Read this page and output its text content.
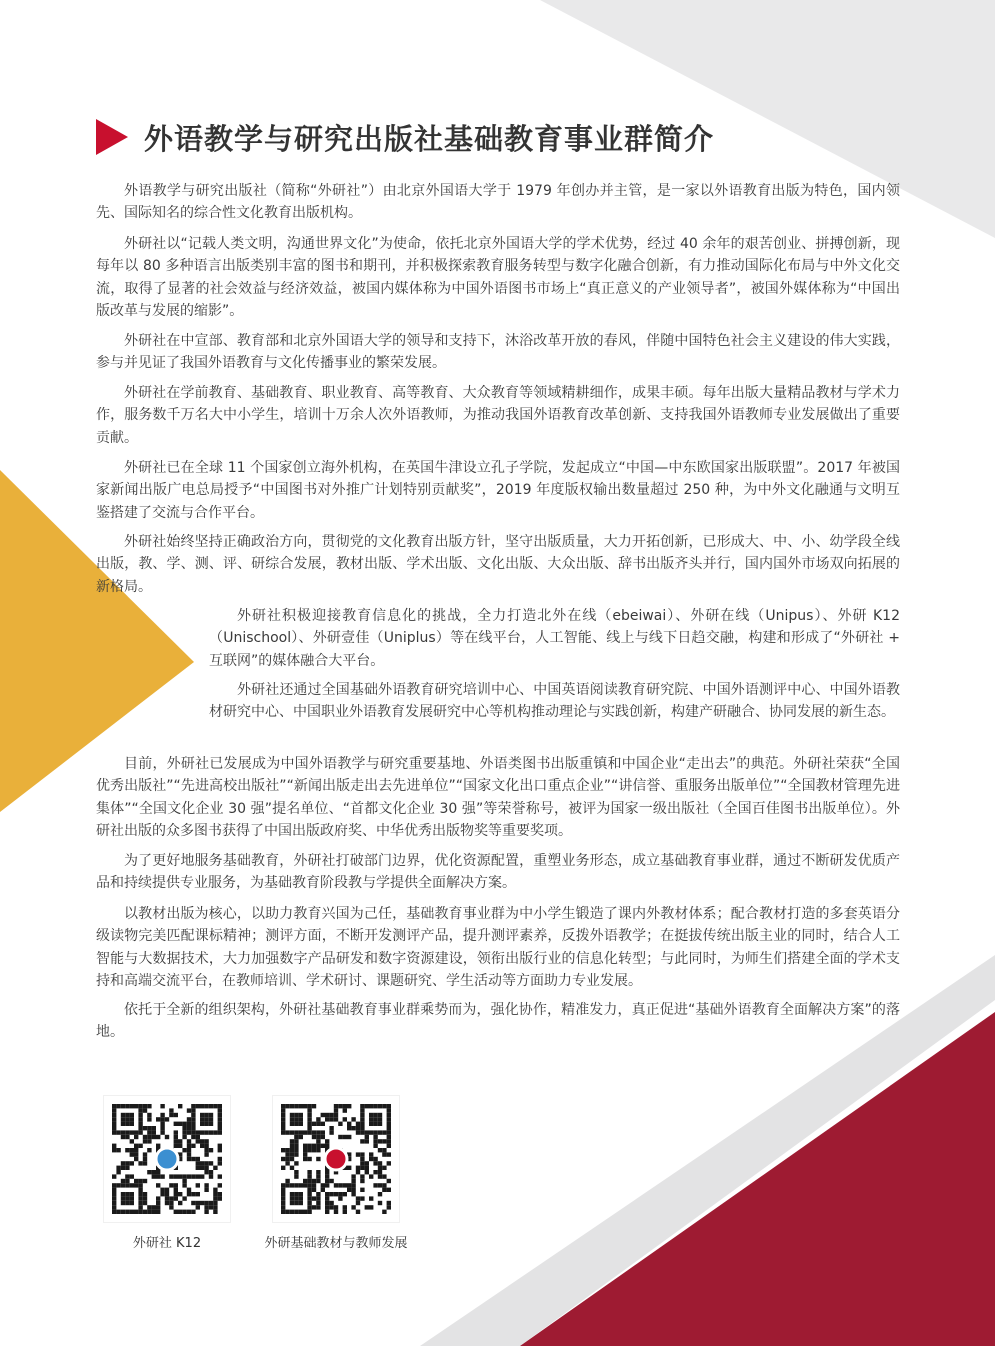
外语教学与研究出版社基础教育事业群简介

外语教学与研究出版社（简称“外研社”）由北京外国语大学于 1979 年创办并主管，是一家以外语教育出版为特色，国内领先、国际知名的综合性文化教育出版机构。

外研社以“记载人类文明，沟通世界文化”为使命，依托北京外国语大学的学术优势，经过 40 余年的艰苦创业、拼搏创新，现每年以 80 多种语言出版类别丰富的图书和期刊，并积极探索教育服务转型与数字化融合创新，有力推动国际化布局与中外文化交流，取得了显著的社会效益与经济效益，被国内媒体称为中国外语图书市场上“真正意义的产业领导者”，被国外媒体称为“中国出版改革与发展的缩影”。

外研社在中宣部、教育部和北京外国语大学的领导和支持下，沐浴改革开放的春风，伴随中国特色社会主义建设的伟大实践，参与并见证了我国外语教育与文化传播事业的繁荣发展。

外研社在学前教育、基础教育、职业教育、高等教育、大众教育等领域精耕细作，成果丰硕。每年出版大量精品教材与学术力作，服务数千万名大中小学生，培训十万余人次外语教师，为推动我国外语教育改革创新、支持我国外语教师专业发展做出了重要贡献。

外研社已在全球 11 个国家创立海外机构，在英国牛津设立孔子学院，发起成立“中国—中东欧国家出版联盟”。2017 年被国家新闻出版广电总局授予“中国图书对外推广计划特别贡献奖”，2019 年度版权输出数量超过 250 种，为中外文化融通与文明互鉴搭建了交流与合作平台。

外研社始终坚持正确政治方向，贯彻党的文化教育出版方针，坚守出版质量，大力开拓创新，已形成大、中、小、幼学段全线出版，教、学、测、评、研综合发展，教材出版、学术出版、文化出版、大众出版、辞书出版齐头并行，国内国外市场双向拓展的新格局。

外研社积极迎接教育信息化的挑战，全力打造北外在线（ebeiwai）、外研在线（Unipus）、外研 K12（Unischool）、外研壹佳（Uniplus）等在线平台，人工智能、线上与线下日趋交融，构建和形成了“外研社 + 互联网”的媒体融合大平台。

外研社还通过全国基础外语教育研究培训中心、中国英语阅读教育研究院、中国外语测评中心、中国外语教材研究中心、中国职业外语教育发展研究中心等机构推动理论与实践创新，构建产研融合、协同发展的新生态。

目前，外研社已发展成为中国外语教学与研究重要基地、外语类图书出版重镇和中国企业“走出去”的典范。外研社荣获“全国优秀出版社”“先进高校出版社”“新闻出版走出去先进单位”“国家文化出口重点企业”“讲信誉、重服务出版单位”“全国教材管理先进集体”“全国文化企业 30 强”提名单位、“首都文化企业 30 强”等荣誉称号，被评为国家一级出版社（全国百佳图书出版单位）。外研社出版的众多图书获得了中国出版政府奖、中华优秀出版物奖等重要奖项。

为了更好地服务基础教育，外研社打破部门边界，优化资源配置，重塑业务形态，成立基础教育事业群，通过不断研发优质产品和持续提供专业服务，为基础教育阶段教与学提供全面解决方案。

以教材出版为核心，以助力教育兴国为己任，基础教育事业群为中小学生锻造了课内外教材体系；配合教材打造的多套英语分级读物完美匹配课标精神；测评方面，不断开发测评产品，提升测评素养，反拨外语教学；在挺拔传统出版主业的同时，结合人工智能与大数据技术，大力加强数字产品研发和数字资源建设，领衔出版行业的信息化转型；与此同时，为师生们搭建全面的学术支持和高端交流平台，在教师培训、学术研讨、课题研究、学生活动等方面助力专业发展。

依托于全新的组织架构，外研社基础教育事业群乘势而为，强化协作，精准发力，真正促进“基础外语教育全面解决方案”的落地。

外研社 K12	外研基础教材与教师发展
